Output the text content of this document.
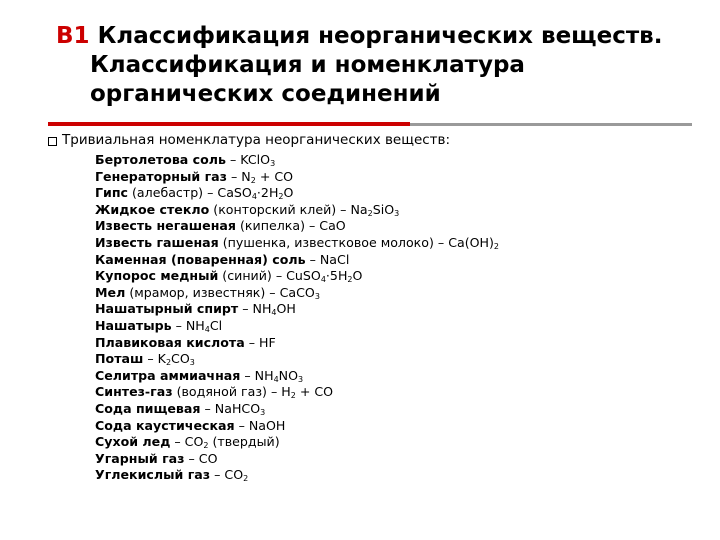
В1 Классификация неорганических веществ.
Классификация и номенклатура
органических соединений
Тривиальная номенклатура неорганических веществ:
Бертолетова соль – KClO$_3$
Генераторный газ – $N_2$ + CO
Гипс (алебастр) – $CaSO_4\cdot 2H_2O$
Жидкое стекло (конторский клей) – $Na_2SiO_3$
Известь негашеная (кипелка) – CaO
Известь гашеная (пушенка, известковое молоко) – $Ca(OH)_2$
Каменная (поваренная) соль – NaCl
Купорос медный (синий) – $CuSO_4\cdot 5H_2O$
Мел (мрамор, известняк) – CaCO$_3$
Нашатырный спирт – $NH_4OH$
Нашатырь – $NH_4Cl$
Плавиковая кислота – HF
Поташ – $K_2CO_3$
Селитра аммиачная – $NH_4NO_3$
Синтез-газ (водяной $газ) - H_2$ + CO
Сода пищевая – NaHCO$_3$
Сода каустическая – NaOH
Сухой лед – $CO_2$ (твердый)
Угарный газ – CO
Углекислый газ – $CO_2$
